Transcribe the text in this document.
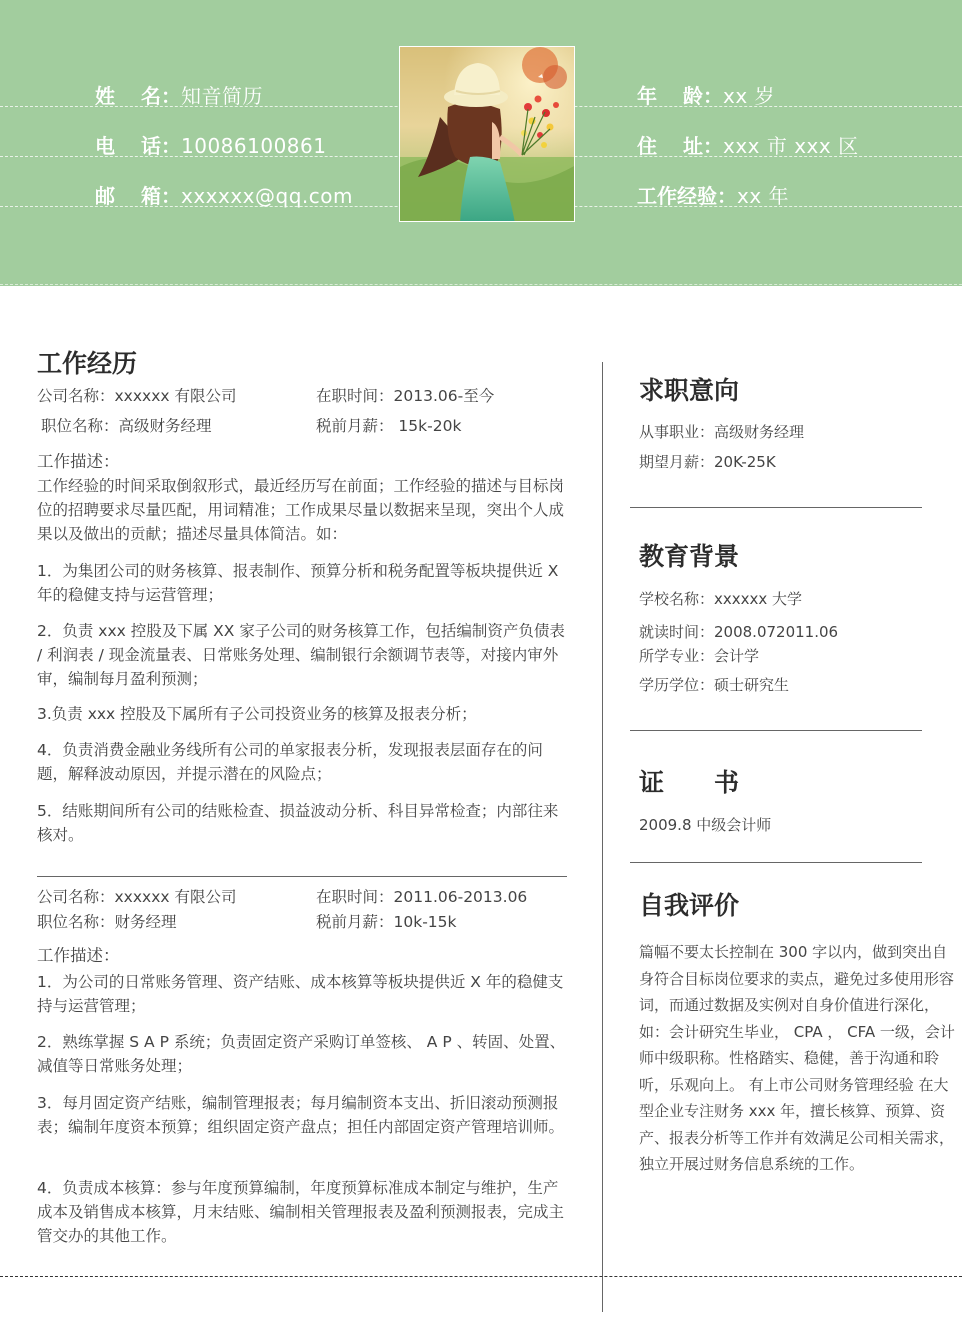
姓 名：知音简历
电 话：10086100861
邮 箱：xxxxxx@qq.com
年 龄：xx 岁
住 址：xxx 市 xxx 区
工作经验：xx 年
工作经历
公司名称：xxxxxx 有限公司	在职时间：2013.06-至今
职位名称：高级财务经理	税前月薪： 15k-20k
工作描述：
工作经验的时间采取倒叙形式，最近经历写在前面；工作经验的描述与目标岗位的招聘要求尽量匹配，用词精准；工作成果尽量以数据来呈现，突出个人成果以及做出的贡献；描述尽量具体简洁。如：
1．为集团公司的财务核算、报表制作、预算分析和税务配置等板块提供近 X 年的稳健支持与运营管理；
2．负责 xxx 控股及下属 XX 家子公司的财务核算工作，包括编制资产负债表 / 利润表 / 现金流量表、日常账务处理、编制银行余额调节表等，对接内审外审，编制每月盈利预测；
3.负责 xxx 控股及下属所有子公司投资业务的核算及报表分析；
4．负责消费金融业务线所有公司的单家报表分析，发现报表层面存在的问题，解释波动原因，并提示潜在的风险点；
5．结账期间所有公司的结账检查、损益波动分析、科目异常检查；内部往来核对。
公司名称：xxxxxx 有限公司	在职时间：2011.06-2013.06
职位名称：财务经理	税前月薪：10k-15k
工作描述：
1．为公司的日常账务管理、资产结账、成本核算等板块提供近 X 年的稳健支持与运营管理；
2．熟练掌握 S A P 系统；负责固定资产采购订单签核、 A P 、转固、处置、减值等日常账务处理；
3．每月固定资产结账，编制管理报表；每月编制资本支出、折旧滚动预测报表；编制年度资本预算；组织固定资产盘点；担任内部固定资产管理培训师。
4．负责成本核算：参与年度预算编制，年度预算标准成本制定与维护，生产成本及销售成本核算，月末结账、编制相关管理报表及盈利预测报表，完成主管交办的其他工作。
求职意向
从事职业：高级财务经理
期望月薪：20K-25K
教育背景
学校名称：xxxxxx 大学
就读时间：2008.072011.06
所学专业：会计学
学历学位：硕士研究生
证　　书
2009.8 中级会计师
自我评价
篇幅不要太长控制在 300 字以内，做到突出自身符合目标岗位要求的卖点，避免过多使用形容词，而通过数据及实例对自身价值进行深化，如：会计研究生毕业， CPA ， CFA 一级，会计师中级职称。性格踏实、稳健，善于沟通和聆听，乐观向上。 有上市公司财务管理经验 在大型企业专注财务 xxx 年，擅长核算、预算、资产、报表分析等工作并有效满足公司相关需求，独立开展过财务信息系统的工作。
